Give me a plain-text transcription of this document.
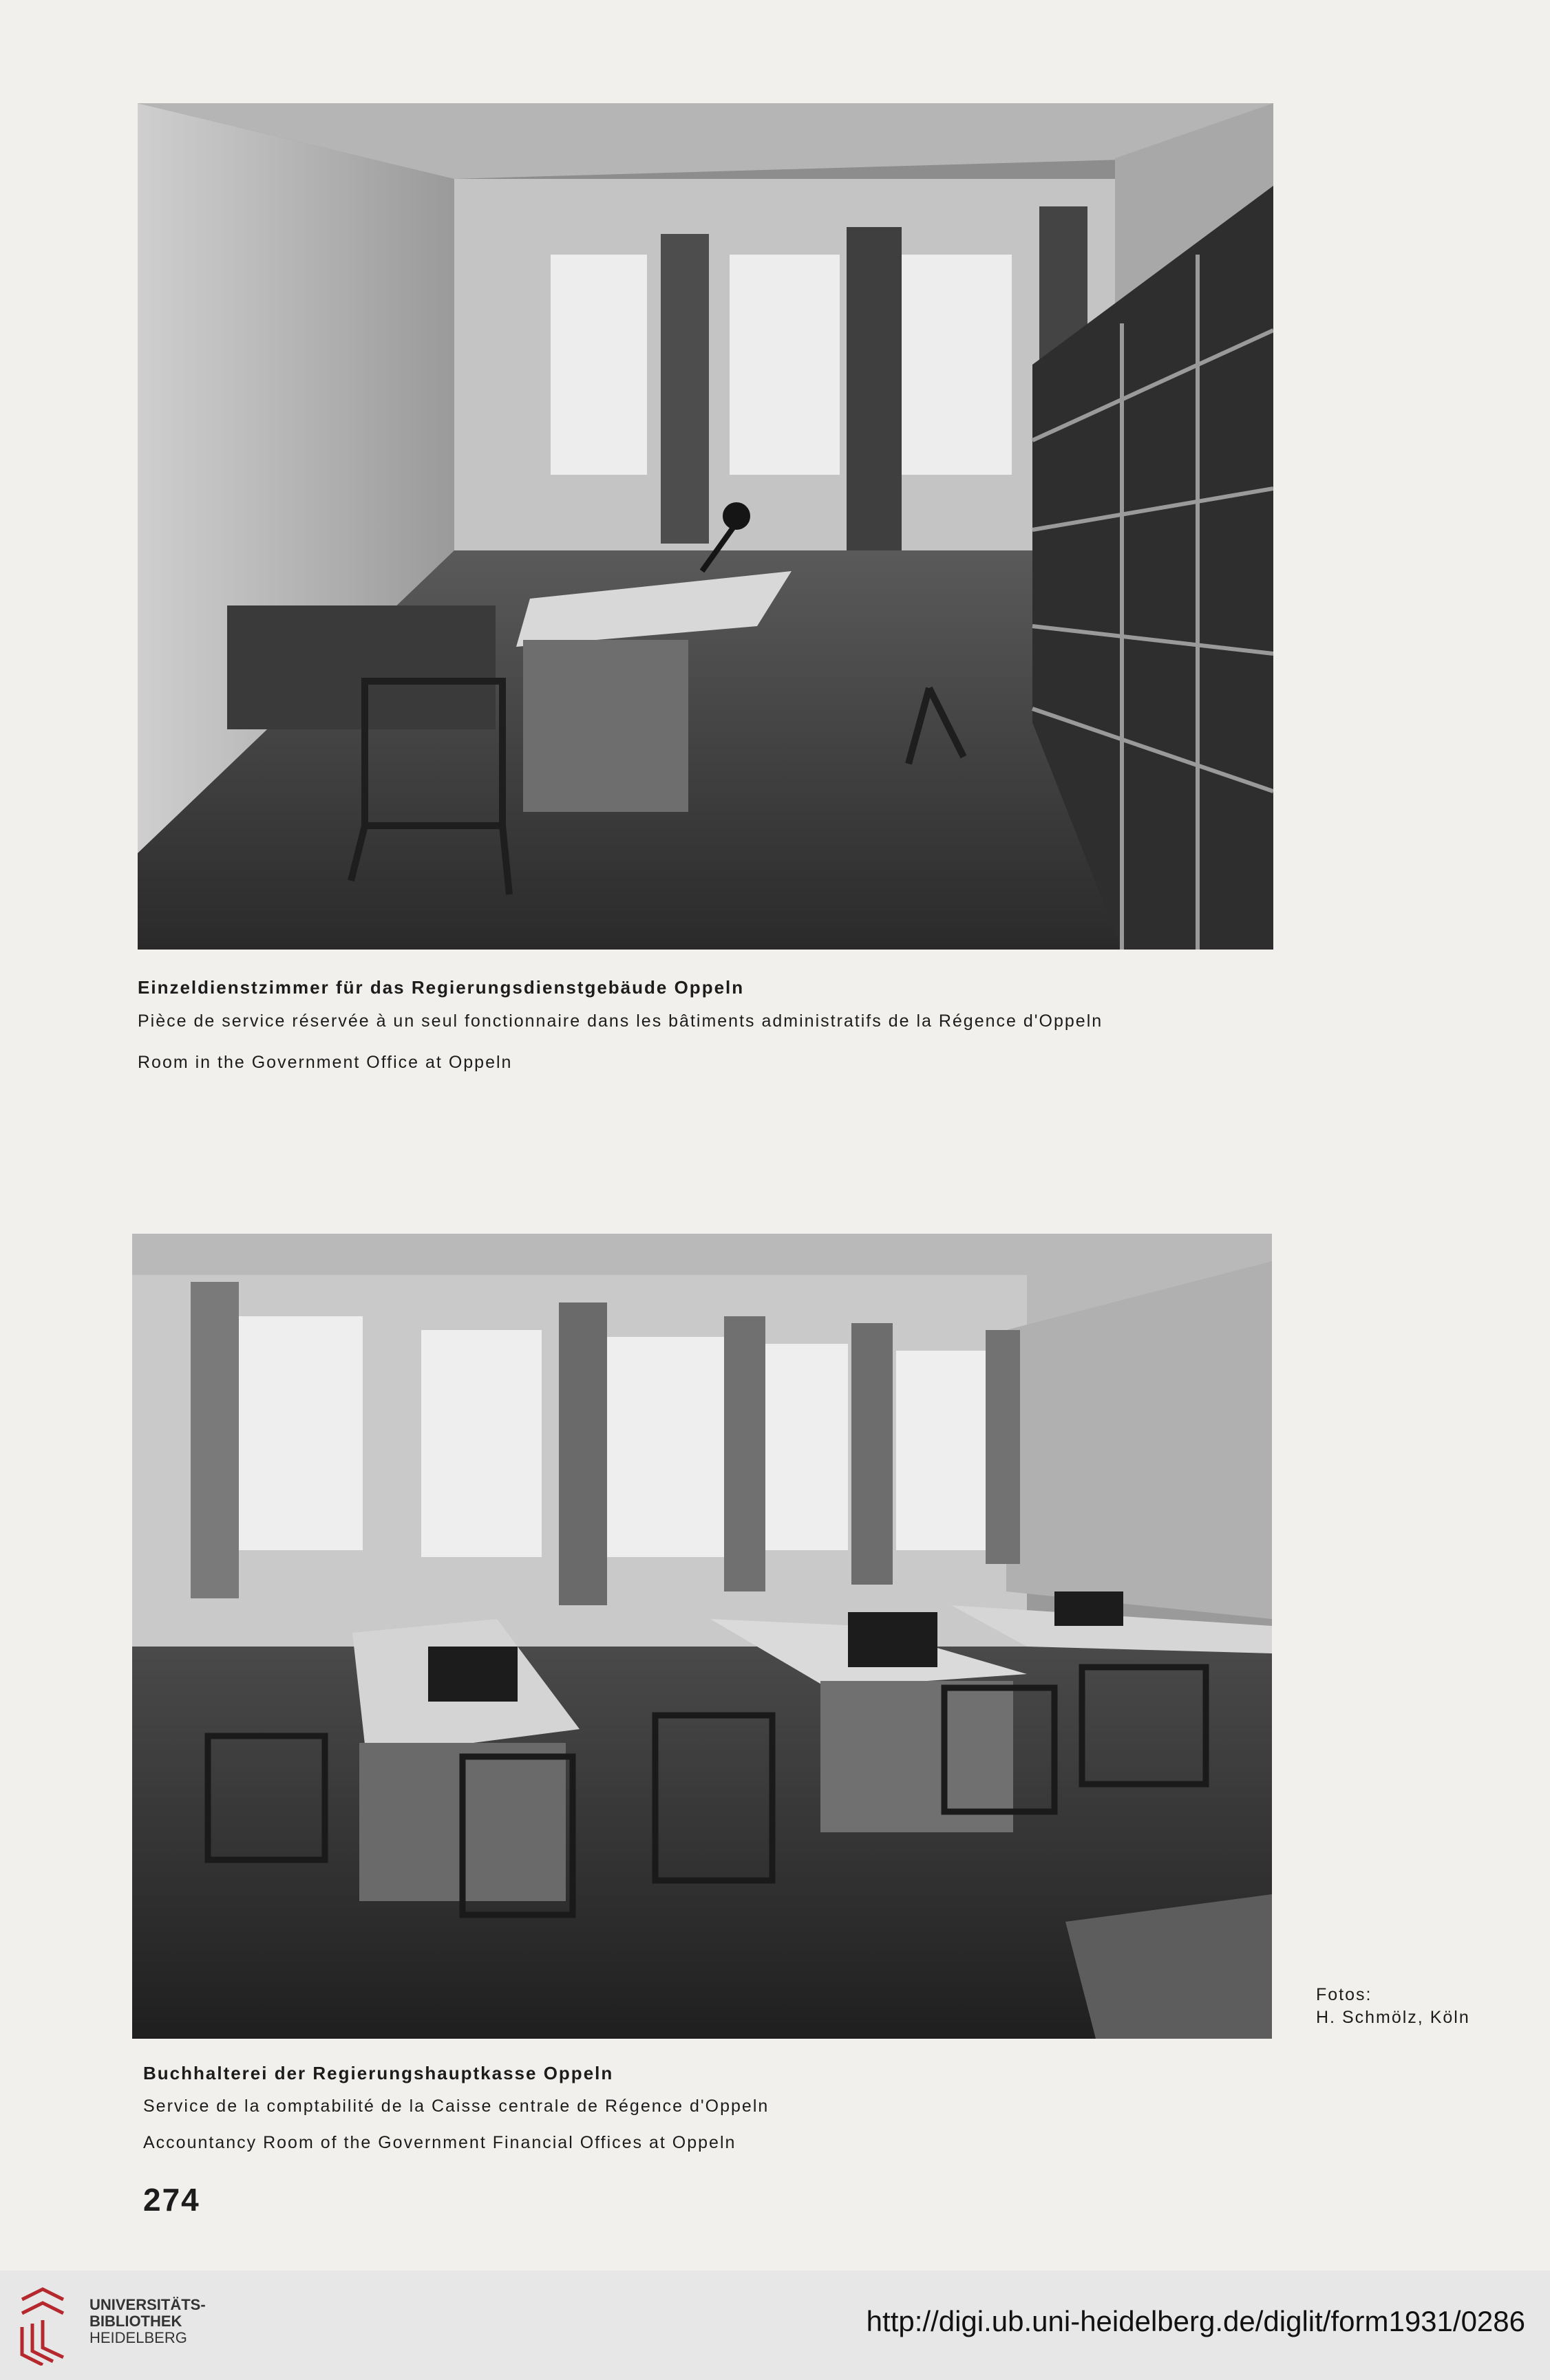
Einzeldienstzimmer für das Regierungsdienstgebäude Oppeln
Pièce de service réservée à un seul fonctionnaire dans les bâtiments administratifs de la Régence d'Oppeln
Room in the Government Office at Oppeln
Fotos:
H. Schmölz, Köln
Buchhalterei der Regierungshauptkasse Oppeln
Service de la comptabilité de la Caisse centrale de Régence d'Oppeln
Accountancy Room of the Government Financial Offices at Oppeln
274
UNIVERSITÄTS-
BIBLIOTHEK
HEIDELBERG
http://digi.ub.uni-heidelberg.de/diglit/form1931/0286
